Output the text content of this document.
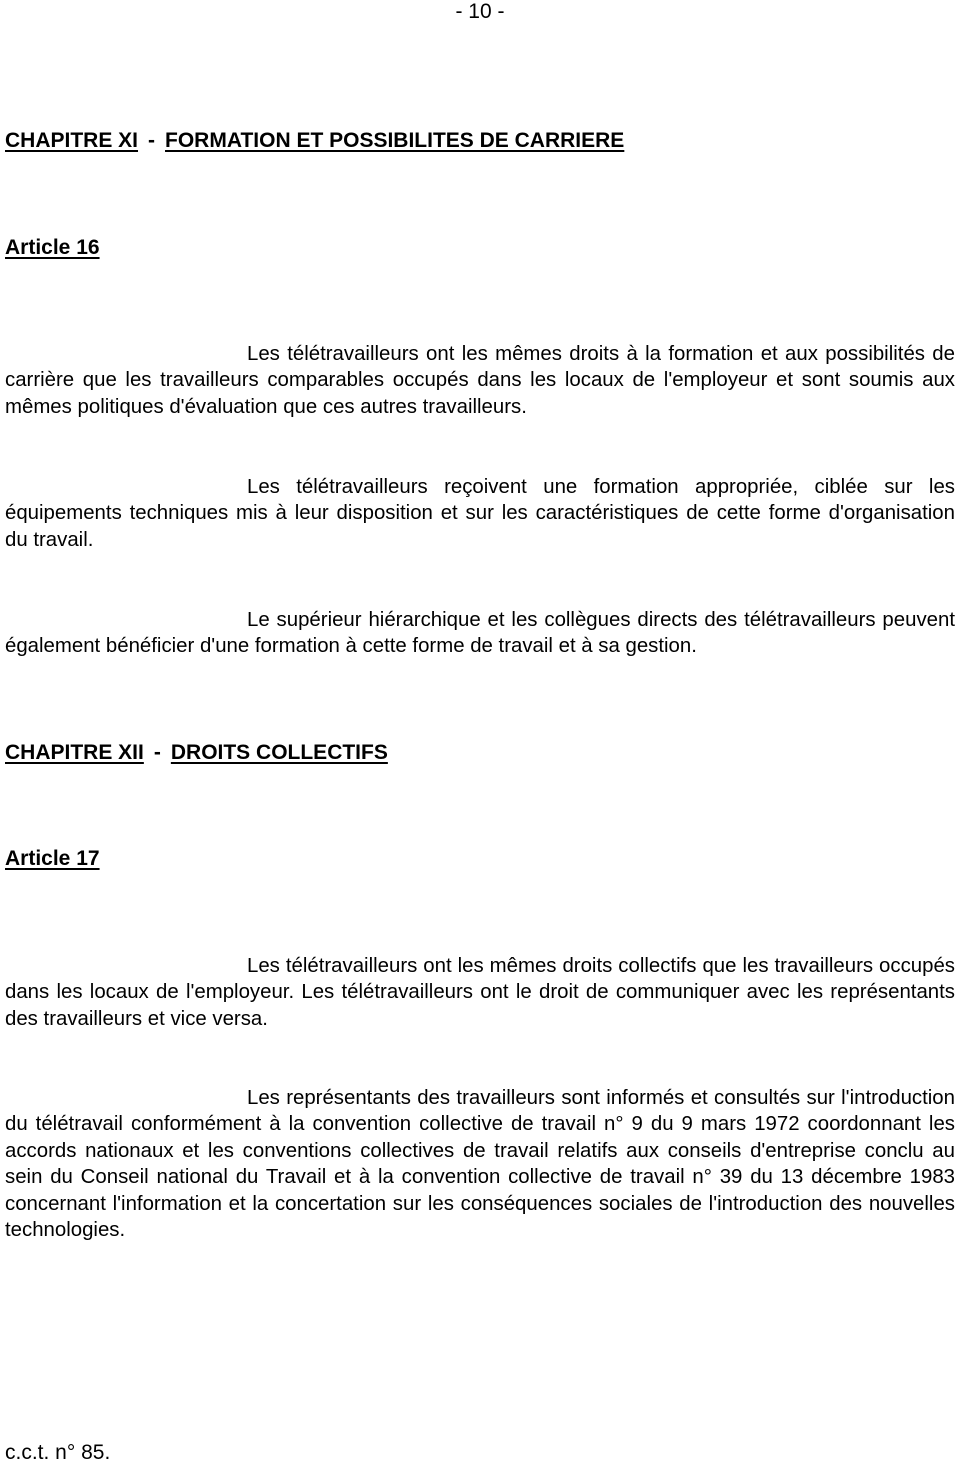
- 10 -
CHAPITRE XI - FORMATION ET POSSIBILITES DE CARRIERE
Article 16

Les télétravailleurs ont les mêmes droits à la formation et aux possibilités de carrière que les travailleurs comparables occupés dans les locaux de l'employeur et sont soumis aux mêmes politiques d'évaluation que ces autres travailleurs.

Les télétravailleurs reçoivent une formation appropriée, ciblée sur les équipements techniques mis à leur disposition et sur les caractéristiques de cette forme d'organisation du travail.

Le supérieur hiérarchique et les collègues directs des télétravailleurs peuvent également bénéficier d'une formation à cette forme de travail et à sa gestion.

CHAPITRE XII - DROITS COLLECTIFS
Article 17

Les télétravailleurs ont les mêmes droits collectifs que les travailleurs occupés dans les locaux de l'employeur. Les télétravailleurs ont le droit de communiquer avec les représentants des travailleurs et vice versa.

Les représentants des travailleurs sont informés et consultés sur l'introduction du télétravail conformément à la convention collective de travail n° 9 du 9 mars 1972 coordonnant les accords nationaux et les conventions collectives de travail relatifs aux conseils d'entreprise conclu au sein du Conseil national du Travail et à la convention collective de travail n° 39 du 13 décembre 1983 concernant l'information et la concertation sur les conséquences sociales de l'introduction des nouvelles technologies.

c.c.t. n° 85.
